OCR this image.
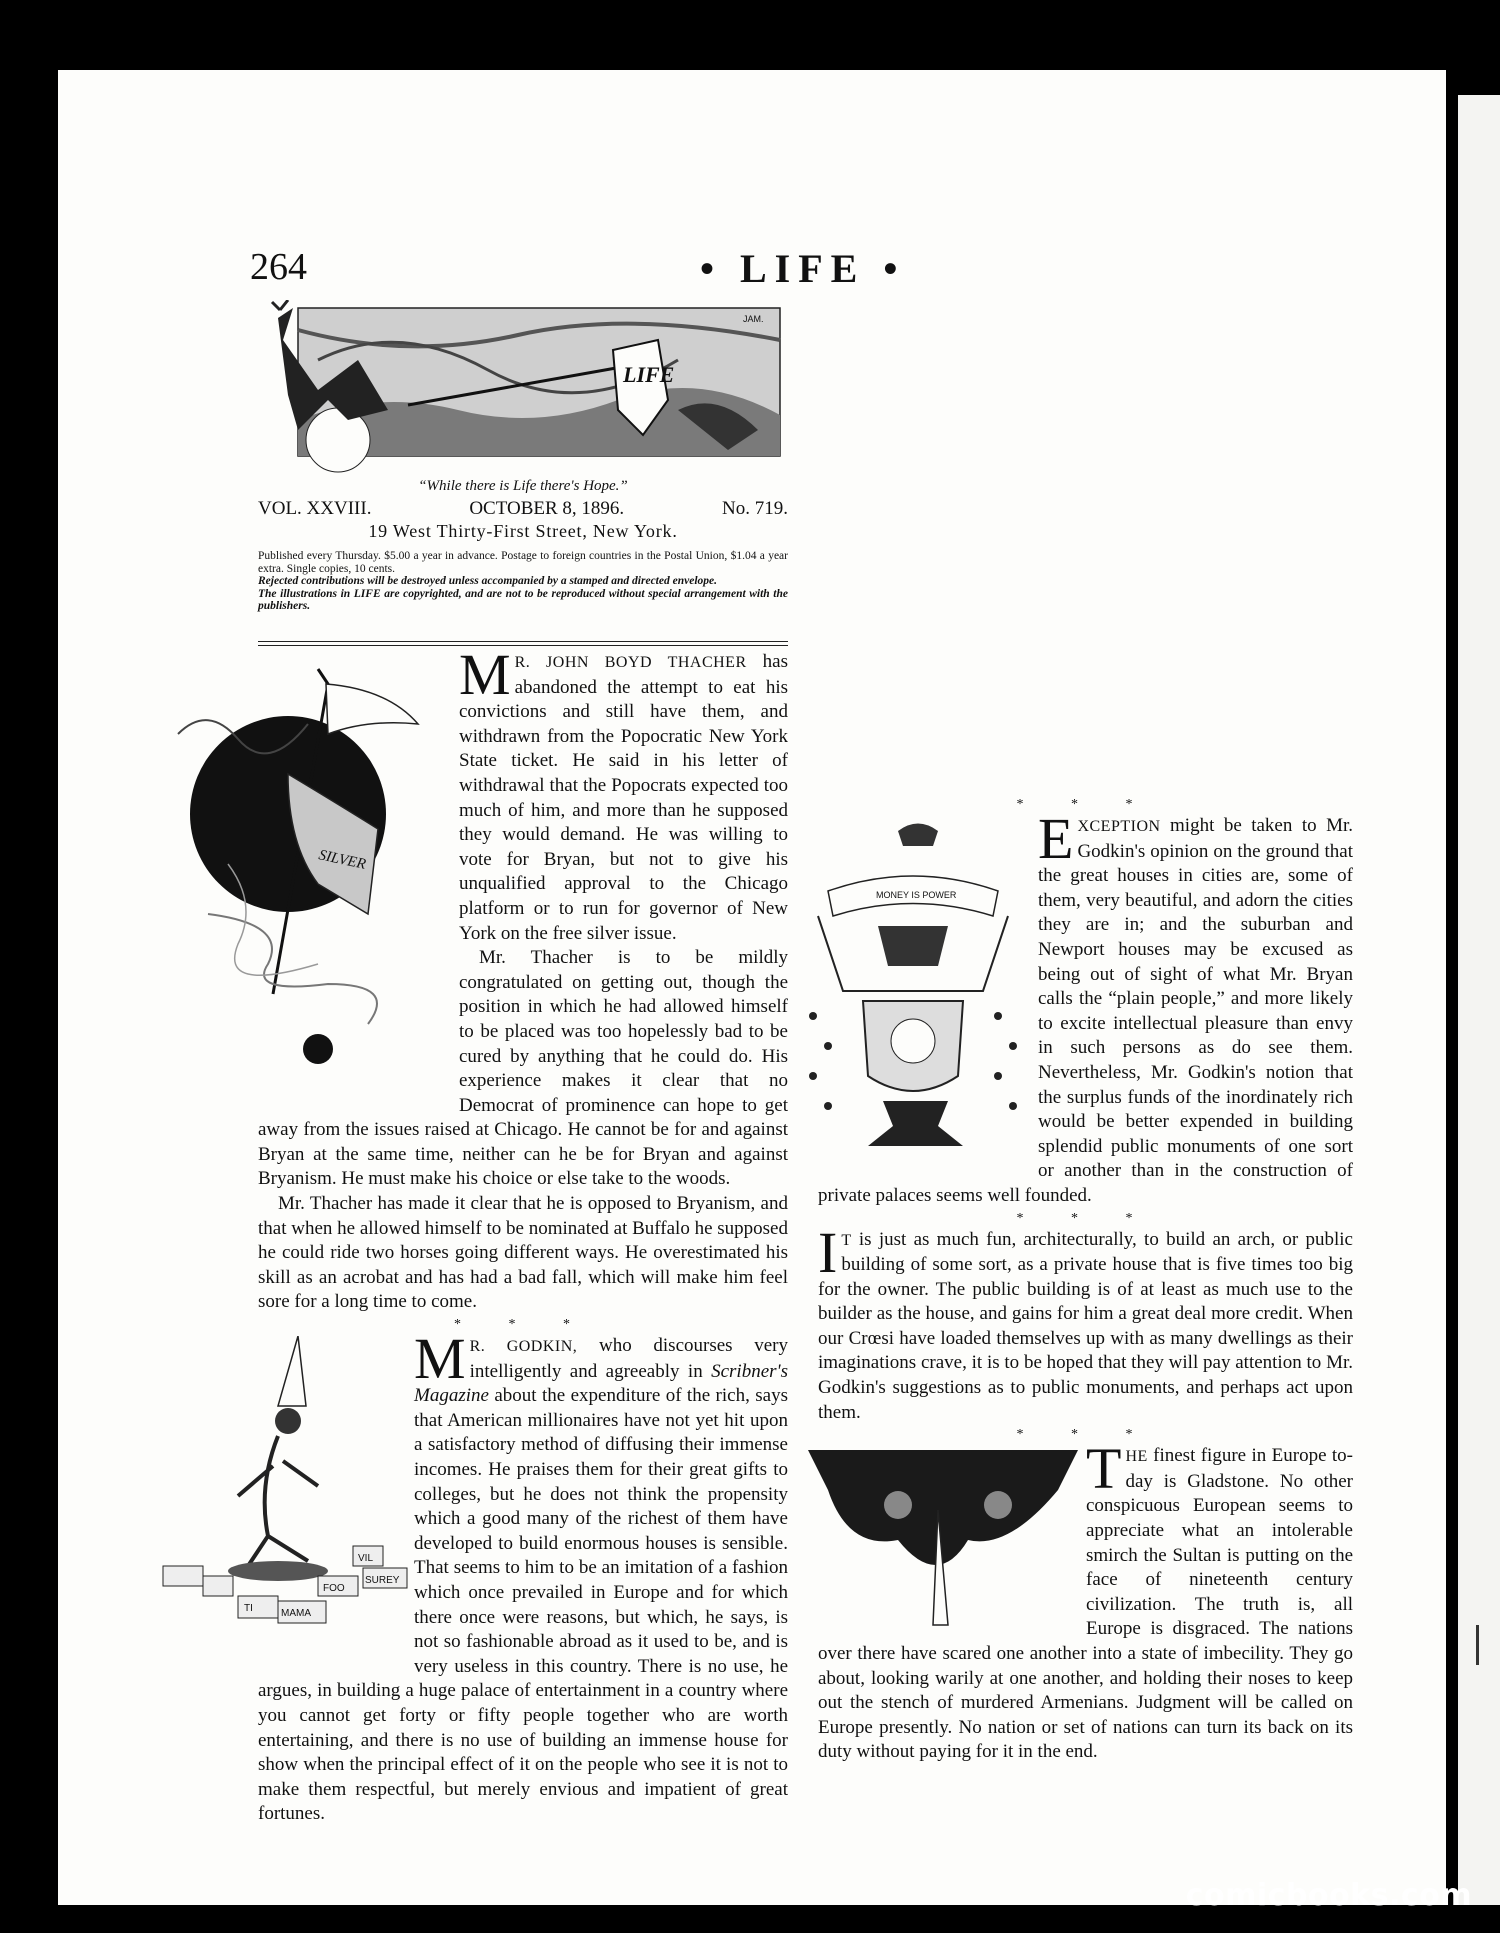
264	• LIFE •
LIFE
JAM.
“While there is Life there's Hope.”
VOL. XXVIII.	OCTOBER 8, 1896.	No. 719.
19 West Thirty-First Street, New York.

Published every Thursday. $5.00 a year in advance. Postage to foreign countries in the Postal Union, $1.04 a year extra. Single copies, 10 cents.

Rejected contributions will be destroyed unless accompanied by a stamped and directed envelope.

The illustrations in LIFE are copyrighted, and are not to be reproduced without special arrangement with the publishers.

SILVER

M R. JOHN BOYD THACHER has abandoned the attempt to eat his convictions and still have them, and withdrawn from the Popocratic New York State ticket. He said in his letter of withdrawal that the Popocrats expected too much of him, and more than he supposed they would demand. He was willing to vote for Bryan, but not to give his unqualified approval to the Chicago platform or to run for governor of New York on the free silver issue.

Mr. Thacher is to be mildly congratulated on getting out, though the position in which he had allowed himself to be placed was too hopelessly bad to be cured by anything that he could do. His experience makes it clear that no Democrat of prominence can hope to get away from the issues raised at Chicago. He cannot be for and against Bryan at the same time, neither can he be for Bryan and against Bryanism. He must make his choice or else take to the woods.

Mr. Thacher has made it clear that he is opposed to Bryanism, and that when he allowed himself to be nominated at Buffalo he supposed he could ride two horses going different ways. He overestimated his skill as an acrobat and has had a bad fall, which will make him feel sore for a long time to come.

* * *
TI	MAMA
FOO
VIL
SUREY

M R. GODKIN, who discourses very intelligently and agreeably in Scribner's Magazine about the expenditure of the rich, says that American millionaires have not yet hit upon a satisfactory method of diffusing their immense incomes. He praises them for their great gifts to colleges, but he does not think the propensity which a good many of the richest of them have developed to build enormous houses is sensible. That seems to him to be an imitation of a fashion which once prevailed in Europe and for which there once were reasons, but which, he says, is not so fashionable abroad as it used to be, and is very useless in this country. There is no use, he argues, in building a huge palace of entertainment in a country where you cannot get forty or fifty people together who are worth entertaining, and there is no use of building an immense house for show when the principal effect of it on the people who see it is not to make them respectful, but merely envious and impatient of great fortunes.

* * *
MONEY IS POWER

EXCEPTION might be taken to Mr. Godkin's opinion on the ground that the great houses in cities are, some of them, very beautiful, and adorn the cities they are in; and the suburban and Newport houses may be excused as being out of sight of what Mr. Bryan calls the “plain people,” and more likely to excite intellectual pleasure than envy in such persons as do see them. Nevertheless, Mr. Godkin's notion that the surplus funds of the inordinately rich would be better expended in building splendid public monuments of one sort or another than in the construction of private palaces seems well founded.

* * *

I T is just as much fun, architecturally, to build an arch, or public building of some sort, as a private house that is five times too big for the owner. The public building is of at least as much use to the builder as the house, and gains for him a great deal more credit. When our Crœsi have loaded themselves up with as many dwellings as their imaginations crave, it is to be hoped that they will pay attention to Mr. Godkin's suggestions as to public monuments, and perhaps act upon them.

* * *

THE finest figure in Europe to-day is Gladstone. No other conspicuous European seems to appreciate what an intolerable smirch the Sultan is putting on the face of nineteenth century civilization. The truth is, all Europe is disgraced. The nations over there have scared one another into a state of imbecility. They go about, looking warily at one another, and holding their noses to keep out the stench of murdered Armenians. Judgment will be called on Europe presently. No nation or set of nations can turn its back on its duty without paying for it in the end.

comicbooks.com
